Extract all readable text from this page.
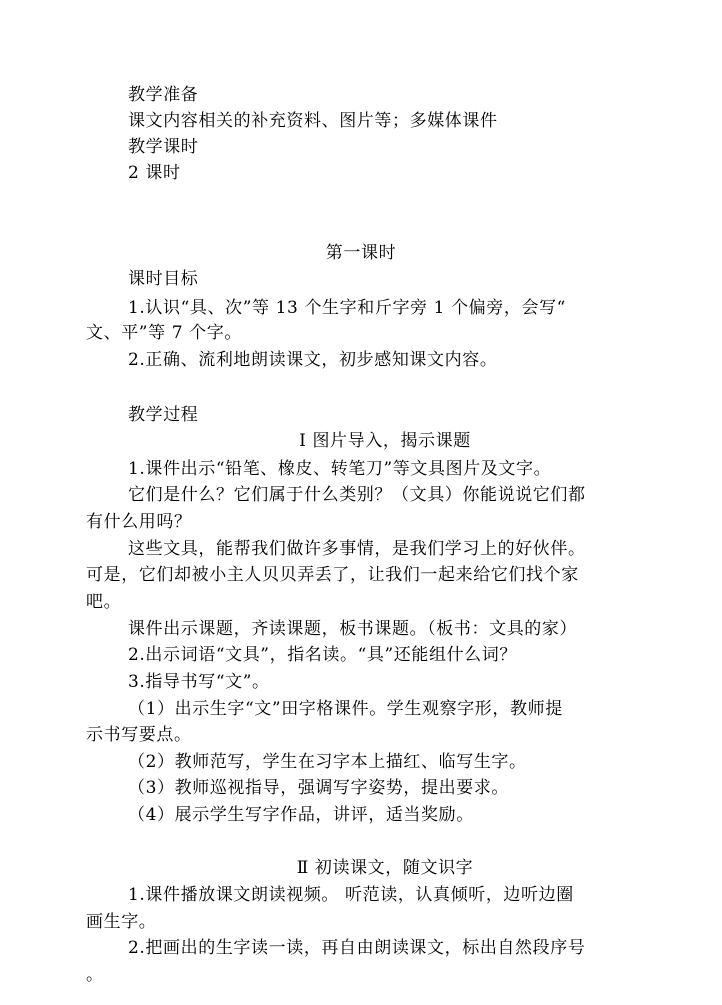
教学准备
课文内容相关的补充资料、图片等；多媒体课件
教学课时
2 课时
第一课时
课时目标
1.认识“具、次”等 13 个生字和斤字旁 1 个偏旁，会写“
文、平”等 7 个字。
2.正确、流利地朗读课文，初步感知课文内容。
教学过程
Ⅰ 图片导入，揭示课题
1.课件出示“铅笔、橡皮、转笔刀”等文具图片及文字。
它们是什么？它们属于什么类别？（文具）你能说说它们都
有什么用吗？
这些文具，能帮我们做许多事情，是我们学习上的好伙伴。
可是，它们却被小主人贝贝弄丢了，让我们一起来给它们找个家
吧。
课件出示课题，齐读课题，板书课题。（板书：文具的家）
2.出示词语“文具”，指名读。“具”还能组什么词？
3.指导书写“文”。
（1）出示生字“文”田字格课件。学生观察字形，教师提
示书写要点。
（2）教师范写，学生在习字本上描红、临写生字。
（3）教师巡视指导，强调写字姿势，提出要求。
（4）展示学生写字作品，讲评，适当奖励。
Ⅱ 初读课文，随文识字
1.课件播放课文朗读视频。 听范读，认真倾听，边听边圈
画生字。
2.把画出的生字读一读，再自由朗读课文，标出自然段序号
。
